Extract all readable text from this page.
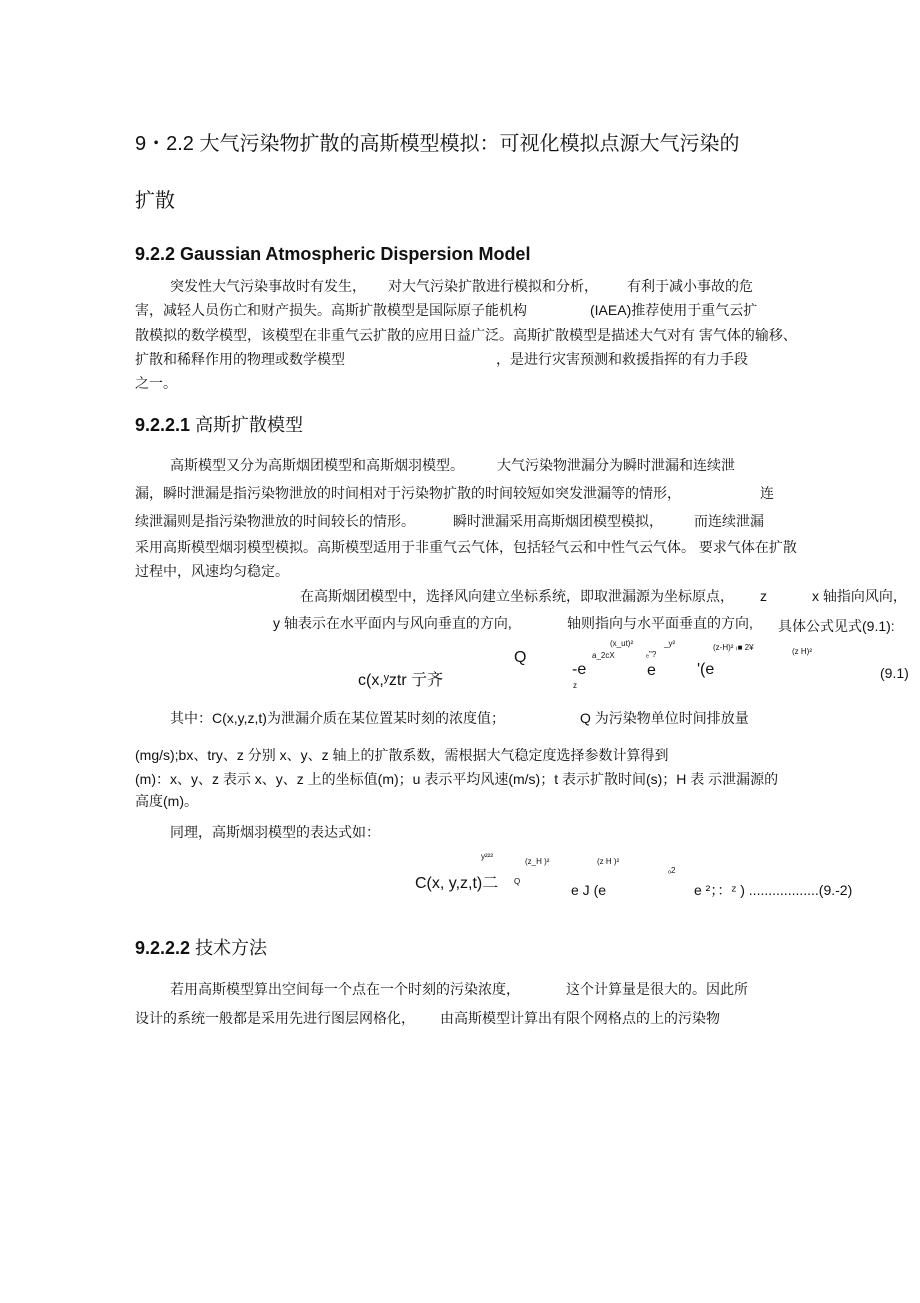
9・2.2 大气污染物扩散的高斯模型模拟：可视化模拟点源大气污染的
扩散
9.2.2 Gaussian Atmospheric Dispersion Model
突发性大气污染事故时有发生， 对大气污染扩散进行模拟和分析， 有利于减小事故的危
害，减轻人员伤亡和财产损失。高斯扩散模型是国际原子能机构	(IAEA)推荐使用于重气云扩
散模拟的数学模型，该模型在非重气云扩散的应用日益广泛。高斯扩散模型是描述大气对有 害气体的输移、
扩散和稀释作用的物理或数学模型	，是进行灾害预测和救援指挥的有力手段
之一。
9.2.2.1 高斯扩散模型
高斯模型又分为高斯烟团模型和高斯烟羽模型。 大气污染物泄漏分为瞬时泄漏和连续泄
漏，瞬时泄漏是指污染物泄放的时间相对于污染物扩散的时间较短如突发泄漏等的情形，	连
续泄漏则是指污染物泄放的时间较长的情形。	瞬时泄漏采用高斯烟团模型模拟， 而连续泄漏
采用高斯模型烟羽模型模拟。高斯模型适用于非重气云气体，包括轻气云和中性气云气体。 要求气体在扩散
过程中，风速均匀稳定。
在高斯烟团模型中，选择风向建立坐标系统，即取泄漏源为坐标原点， z	x 轴指向风向，
y 轴表示在水平面内与风向垂直的方向,	轴则指向与水平面垂直的方向, 具体公式见式(9.1):
c(x,ʸztr 亍齐
Q
(x_ut)²
a_2cX
-e
z
_y²
ₑ"?
e
(z-H)² ₍■ 2¥
'(e
(z H)²
(9.1)
其中：C(x,y,z,t)为泄漏介质在某位置某时刻的浓度值；	Q 为污染物单位时间排放量
(mg/s);bx、try、z 分别 x、y、z 轴上的扩散系数，需根据大气稳定度选择参数计算得到
(m)：x、y、z 表示 x、y、z 上的坐标值(m)；u 表示平均风速(m/s)；t 表示扩散时间(s)；H 表 示泄漏源的
高度(m)。
同理，高斯烟羽模型的表达式如：
y²²²
(z_H )²	(z H )²
ₒ2
C(x, y,z,t)二 Q
e J (e	e ²；：ᶻ ) ..................(9.-2)
9.2.2.2 技术方法
若用高斯模型算出空间每一个点在一个时刻的污染浓度，	这个计算量是很大的。因此所
设计的系统一般都是采用先进行图层网格化， 由高斯模型计算出有限个网格点的上的污染物
